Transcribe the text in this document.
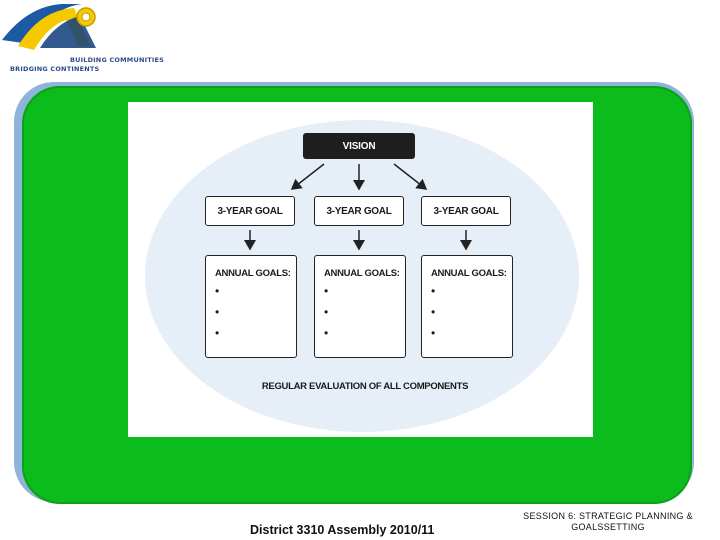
BUILDING COMMUNITIES
BRIDGING CONTINENTS
VISION
3-YEAR GOAL	3-YEAR GOAL	3-YEAR GOAL
ANNUAL GOALS:
•
•
•
ANNUAL GOALS:
•
•
•
ANNUAL GOALS:
•
•
•
REGULAR EVALUATION OF ALL COMPONENTS
District 3310 Assembly 2010/11
SESSION 6: STRATEGIC PLANNING & GOALSSETTING
